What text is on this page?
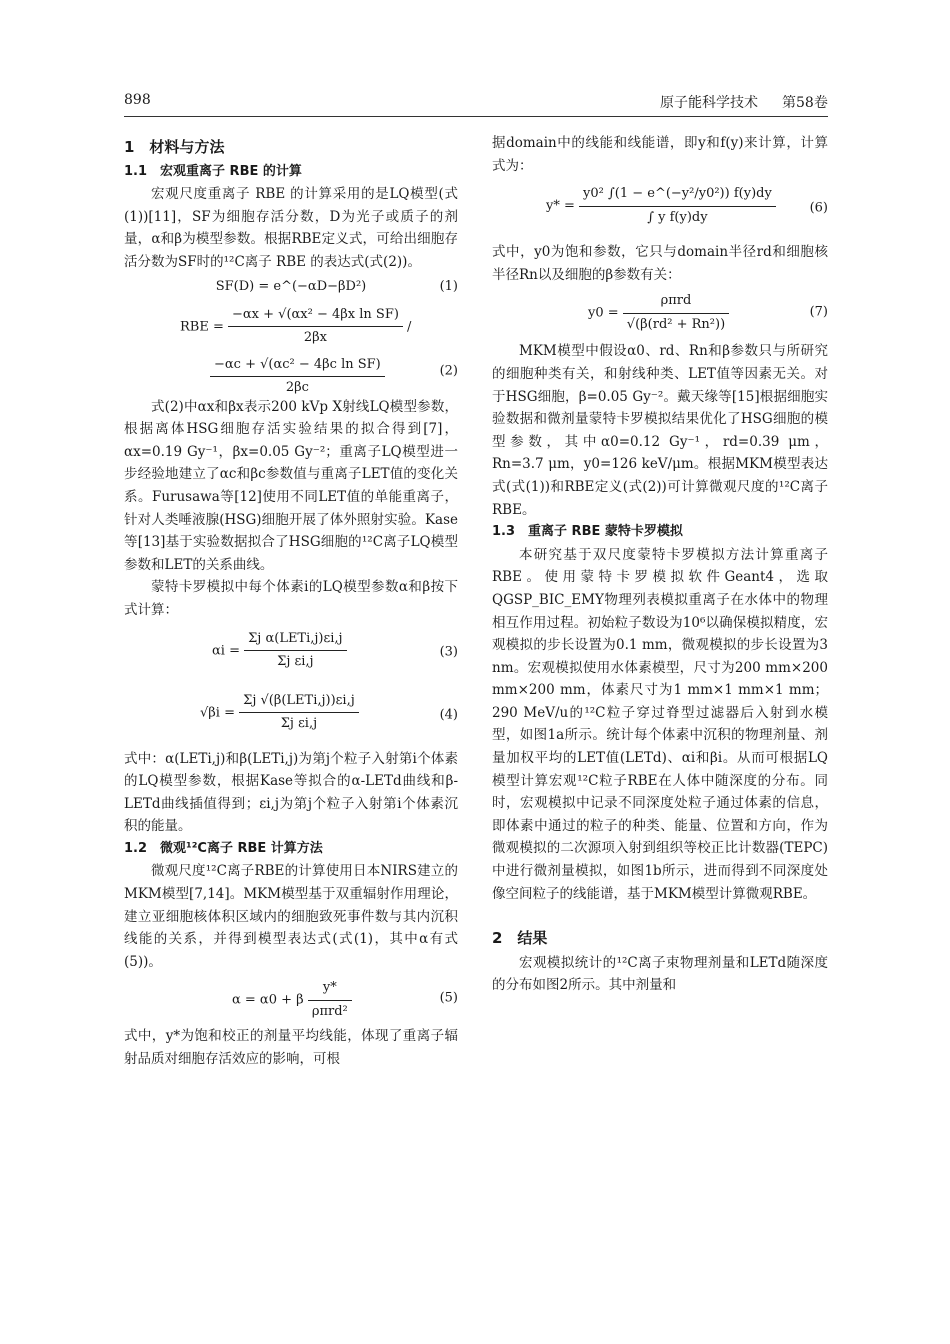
898	原子能科学技术 第58卷
1　材料与方法
1.1　宏观重离子 RBE 的计算

宏观尺度重离子 RBE 的计算采用的是LQ模型(式(1))[11]，SF为细胞存活分数，D为光子或质子的剂量，α和β为模型参数。根据RBE定义式，可给出细胞存活分数为SF时的¹²C离子 RBE 的表达式(式(2))。

SF(D) = e^(−αD−βD²)	(1)
RBE = $\frac{\text{−αx + √(αx² − 4βx ln SF)}}{2\beta x}$ /
$\frac{\text{−αc + √(αc² − 4βc ln SF)}}{2\beta c}$	(2)

式(2)中αx和βx表示200 kVp X射线LQ模型参数，根据离体HSG细胞存活实验结果的拟合得到[7]，αx=0.19 Gy⁻¹，βx=0.05 Gy⁻²；重离子LQ模型进一步经验地建立了αc和βc参数值与重离子LET值的变化关系。Furusawa等[12]使用不同LET值的单能重离子，针对人类唾液腺(HSG)细胞开展了体外照射实验。Kase等[13]基于实验数据拟合了HSG细胞的¹²C离子LQ模型参数和LET的关系曲线。

蒙特卡罗模拟中每个体素i的LQ模型参数α和β按下式计算：

$\alpha i = \frac{\text{Σj α(LETi,j)εi,j}}{\text{Σj εi,j}}$	(3)
$√\beta i = \frac{\text{Σj √(β(LETi,j))εi,j}}{\text{Σj εi,j}}$	(4)

式中：α(LETi,j)和β(LETi,j)为第j个粒子入射第i个体素的LQ模型参数，根据Kase等拟合的α-LETd曲线和β-LETd曲线插值得到；εi,j为第j个粒子入射第i个体素沉积的能量。

1.2　微观¹²C离子 RBE 计算方法

微观尺度¹²C离子RBE的计算使用日本NIRS建立的MKM模型[7,14]。MKM模型基于双重辐射作用理论，建立亚细胞核体积区域内的细胞致死事件数与其内沉积线能的关系，并得到模型表达式(式(1)，其中α有式(5))。

α = α0 + β $\frac{y*}{\text{ρπrd²}}$	(5)

式中，y*为饱和校正的剂量平均线能，体现了重离子辐射品质对细胞存活效应的影响，可根

据domain中的线能和线能谱，即y和f(y)来计算，计算式为：

$y* = \frac{\text{y0² ∫(1 − e\textasciicircum{}(−y²/y0²)) f(y)dy}}{\text{∫ y f(y)dy}}$	(6)

式中，y0为饱和参数，它只与domain半径rd和细胞核半径Rn以及细胞的β参数有关：

$y0 = \frac{\text{ρπrd}}{\text{√(β(rd² + Rn²))}}$	(7)

MKM模型中假设α0、rd、Rn和β参数只与所研究的细胞种类有关，和射线种类、LET值等因素无关。对于HSG细胞，β=0.05 Gy⁻²。戴天缘等[15]根据细胞实验数据和微剂量蒙特卡罗模拟结果优化了HSG细胞的模型参数，其中α0=0.12 Gy⁻¹，rd=0.39 μm，Rn=3.7 μm，y0=126 keV/μm。根据MKM模型表达式(式(1))和RBE定义(式(2))可计算微观尺度的¹²C离子 RBE。

1.3　重离子 RBE 蒙特卡罗模拟

本研究基于双尺度蒙特卡罗模拟方法计算重离子RBE。使用蒙特卡罗模拟软件Geant4，选取QGSP_BIC_EMY物理列表模拟重离子在水体中的物理相互作用过程。初始粒子数设为10⁶以确保模拟精度，宏观模拟的步长设置为0.1 mm，微观模拟的步长设置为3 nm。宏观模拟使用水体素模型，尺寸为200 mm×200 mm×200 mm，体素尺寸为1 mm×1 mm×1 mm；290 MeV/u的¹²C粒子穿过脊型过滤器后入射到水模型，如图1a所示。统计每个体素中沉积的物理剂量、剂量加权平均的LET值(LETd)、αi和βi。从而可根据LQ模型计算宏观¹²C粒子RBE在人体中随深度的分布。同时，宏观模拟中记录不同深度处粒子通过体素的信息，即体素中通过的粒子的种类、能量、位置和方向，作为微观模拟的二次源项入射到组织等校正比计数器(TEPC)中进行微剂量模拟，如图1b所示，进而得到不同深度处像空间粒子的线能谱，基于MKM模型计算微观RBE。

2　结果

宏观模拟统计的¹²C离子束物理剂量和LETd随深度的分布如图2所示。其中剂量和
